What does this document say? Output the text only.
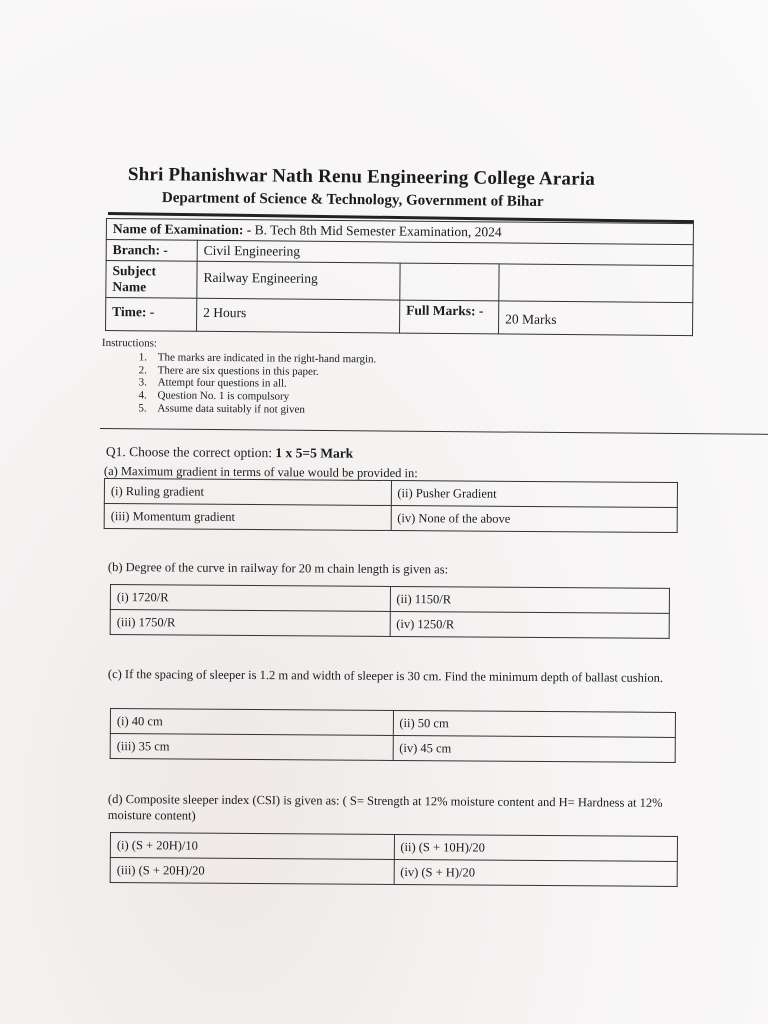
Shri Phanishwar Nath Renu Engineering College Araria
Department of Science & Technology, Government of Bihar
Name of Examination: - B. Tech 8th Mid Semester Examination, 2024			
Branch: -	Civil Engineering		
Subject Name	Railway Engineering		
Time: -	2 Hours	Full Marks: -	20 Marks
Instructions:
1. The marks are indicated in the right-hand margin.
2. There are six questions in this paper.
3. Attempt four questions in all.
4. Question No. 1 is compulsory
5. Assume data suitably if not given
Q1. Choose the correct option: 1 x 5=5 Mark
(a) Maximum gradient in terms of value would be provided in:
(i) Ruling gradient	(ii) Pusher Gradient
(iii) Momentum gradient	(iv) None of the above
(b) Degree of the curve in railway for 20 m chain length is given as:
(i) 1720/R	(ii) 1150/R
(iii) 1750/R	(iv) 1250/R
(c) If the spacing of sleeper is 1.2 m and width of sleeper is 30 cm. Find the minimum depth of ballast cushion.
(i) 40 cm	(ii) 50 cm
(iii) 35 cm	(iv) 45 cm
(d) Composite sleeper index (CSI) is given as: ( S= Strength at 12% moisture content and H= Hardness at 12% moisture content)
(i) (S + 20H)/10	(ii) (S + 10H)/20
(iii) (S + 20H)/20	(iv) (S + H)/20
